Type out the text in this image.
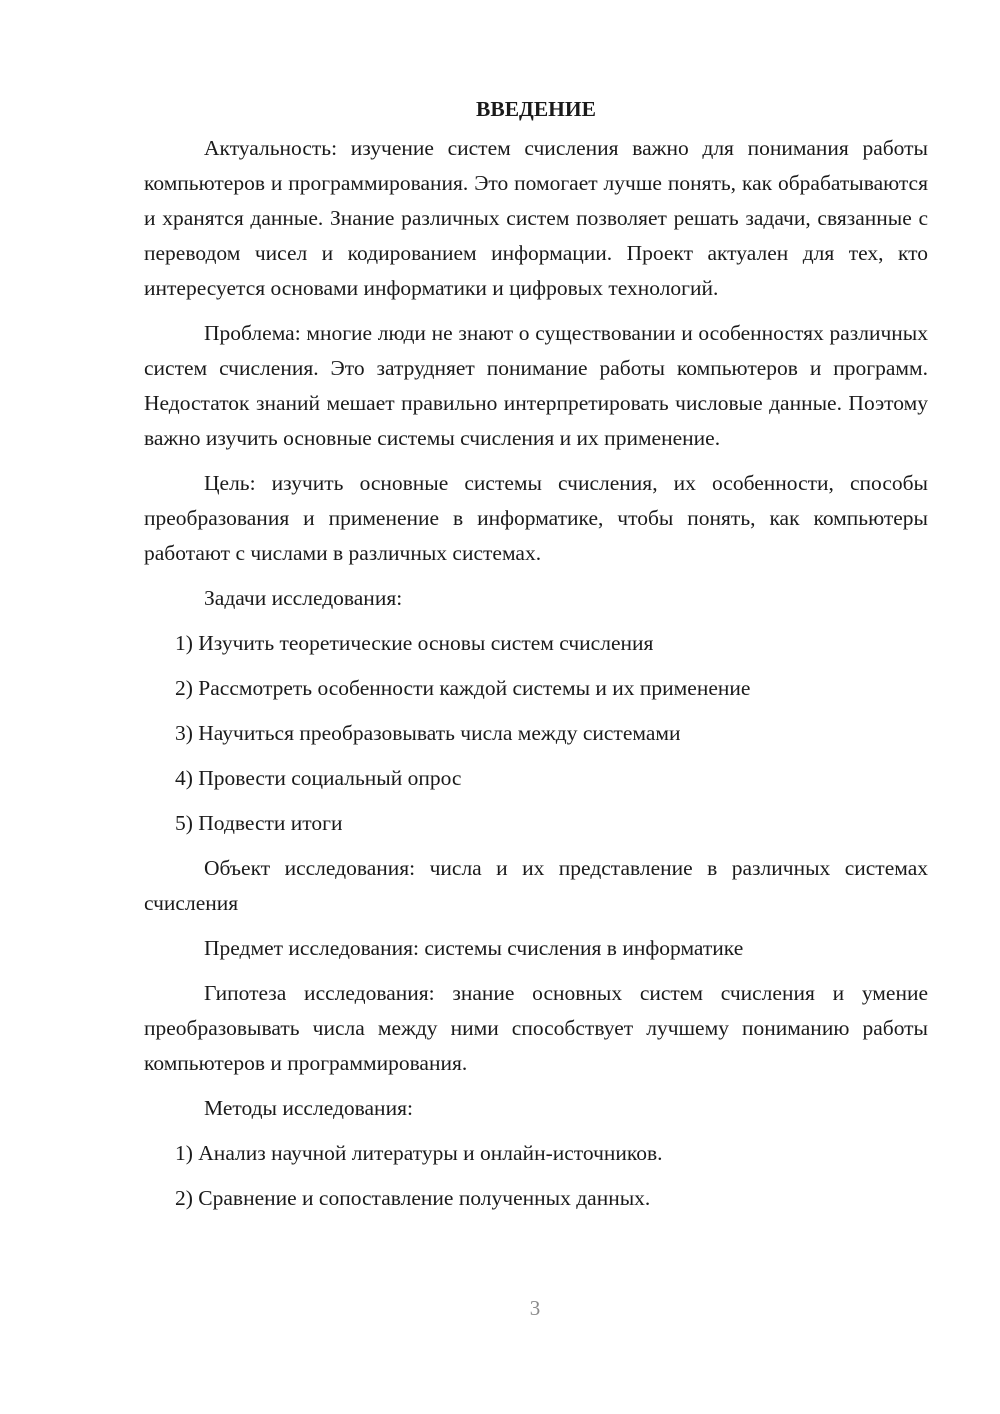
ВВЕДЕНИЕ
Актуальность: изучение систем счисления важно для понимания работы компьютеров и программирования. Это помогает лучше понять, как обрабатываются и хранятся данные. Знание различных систем позволяет решать задачи, связанные с переводом чисел и кодированием информации. Проект актуален для тех, кто интересуется основами информатики и цифровых технологий.
Проблема: многие люди не знают о существовании и особенностях различных систем счисления. Это затрудняет понимание работы компьютеров и программ. Недостаток знаний мешает правильно интерпретировать числовые данные. Поэтому важно изучить основные системы счисления и их применение.
Цель: изучить основные системы счисления, их особенности, способы преобразования и применение в информатике, чтобы понять, как компьютеры работают с числами в различных системах.
Задачи исследования:
1) Изучить теоретические основы систем счисления
2) Рассмотреть особенности каждой системы и их применение
3) Научиться преобразовывать числа между системами
4) Провести социальный опрос
5) Подвести итоги
Объект исследования: числа и их представление в различных системах счисления
Предмет исследования: системы счисления в информатике
Гипотеза исследования: знание основных систем счисления и умение преобразовывать числа между ними способствует лучшему пониманию работы компьютеров и программирования.
Методы исследования:
1) Анализ научной литературы и онлайн-источников.
2) Сравнение и сопоставление полученных данных.
3
